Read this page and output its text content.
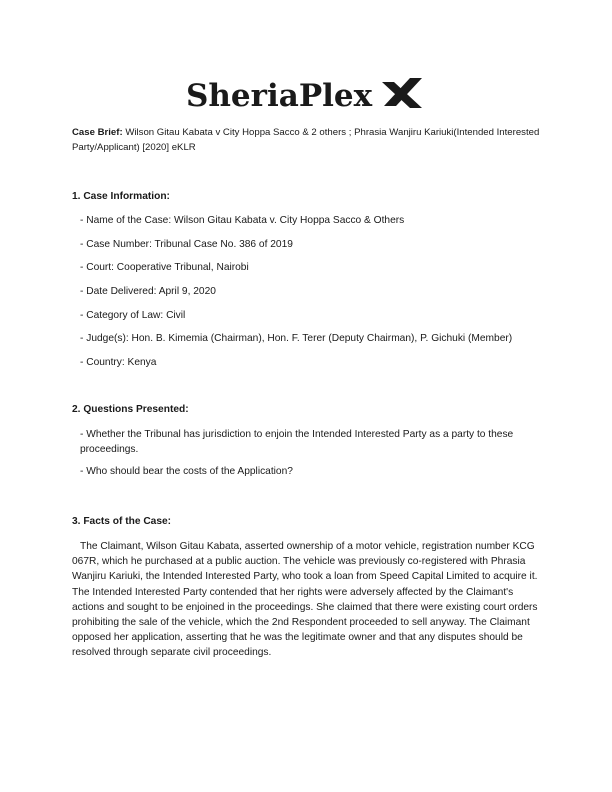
SheriaPlex
Case Brief: Wilson Gitau Kabata v City Hoppa Sacco & 2 others ; Phrasia Wanjiru Kariuki(Intended Interested Party/Applicant) [2020] eKLR

1. Case Information:

- Name of the Case: Wilson Gitau Kabata v. City Hoppa Sacco & Others
- Case Number: Tribunal Case No. 386 of 2019
- Court: Cooperative Tribunal, Nairobi
- Date Delivered: April 9, 2020
- Category of Law: Civil
- Judge(s): Hon. B. Kimemia (Chairman), Hon. F. Terer (Deputy Chairman), P. Gichuki (Member)
- Country: Kenya

2. Questions Presented:

- Whether the Tribunal has jurisdiction to enjoin the Intended Interested Party as a party to these proceedings.
- Who should bear the costs of the Application?

3. Facts of the Case:

The Claimant, Wilson Gitau Kabata, asserted ownership of a motor vehicle, registration number KCG 067R, which he purchased at a public auction. The vehicle was previously co-registered with Phrasia Wanjiru Kariuki, the Intended Interested Party, who took a loan from Speed Capital Limited to acquire it. The Intended Interested Party contended that her rights were adversely affected by the Claimant's actions and sought to be enjoined in the proceedings. She claimed that there were existing court orders prohibiting the sale of the vehicle, which the 2nd Respondent proceeded to sell anyway. The Claimant opposed her application, asserting that he was the legitimate owner and that any disputes should be resolved through separate civil proceedings.
